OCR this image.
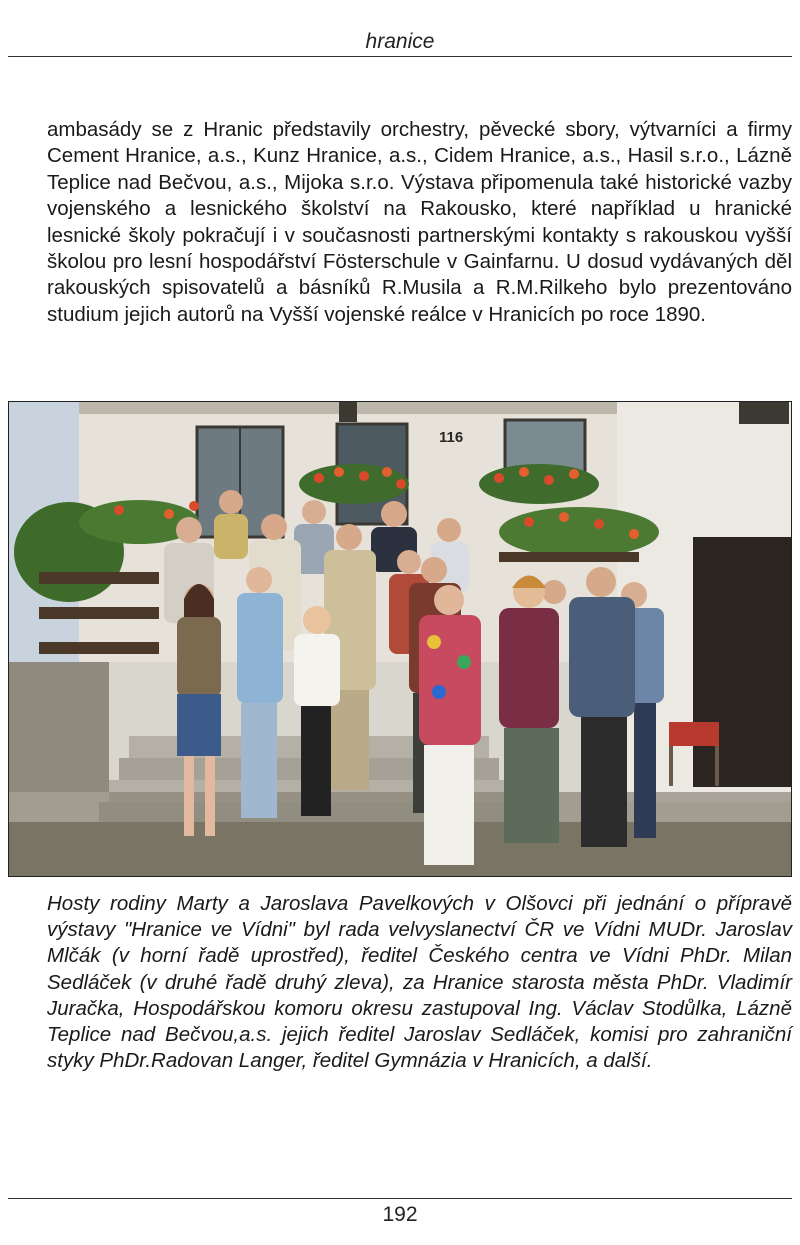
hranice

ambasády se z Hranic představily orchestry, pěvecké sbory, výtvarníci a firmy Cement Hranice, a.s., Kunz Hranice, a.s., Cidem Hranice, a.s., Hasil s.r.o., Lázně Teplice nad Bečvou, a.s., Mijoka s.r.o. Výstava připomenula také historické vazby vojenského a lesnického školství na Rakousko, které například u hranické lesnické školy pokračují i v současnosti partnerskými kontakty s rakouskou vyšší školou pro lesní hospodářství Fösterschule v Gainfarnu. U dosud vydávaných děl rakouských spisovatelů a básníků R.Musila a R.M.Rilkeho bylo prezentováno studium jejich autorů na Vyšší vojenské reálce v Hranicích po roce 1890.

116

Hosty rodiny Marty a Jaroslava Pavelkových v Olšovci při jednání o přípravě výstavy "Hranice ve Vídni" byl rada velvyslanectví ČR ve Vídni MUDr. Jaroslav Mlčák (v horní řadě uprostřed), ředitel Českého centra ve Vídni PhDr. Milan Sedláček (v druhé řadě druhý zleva), za Hranice starosta města PhDr. Vladimír Juračka, Hospodářskou komoru okresu zastupoval Ing. Václav Stodůlka, Lázně Teplice nad Bečvou,a.s. jejich ředitel Jaroslav Sedláček, komisi pro zahraniční styky PhDr.Radovan Langer, ředitel Gymnázia v Hranicích, a další.

192
